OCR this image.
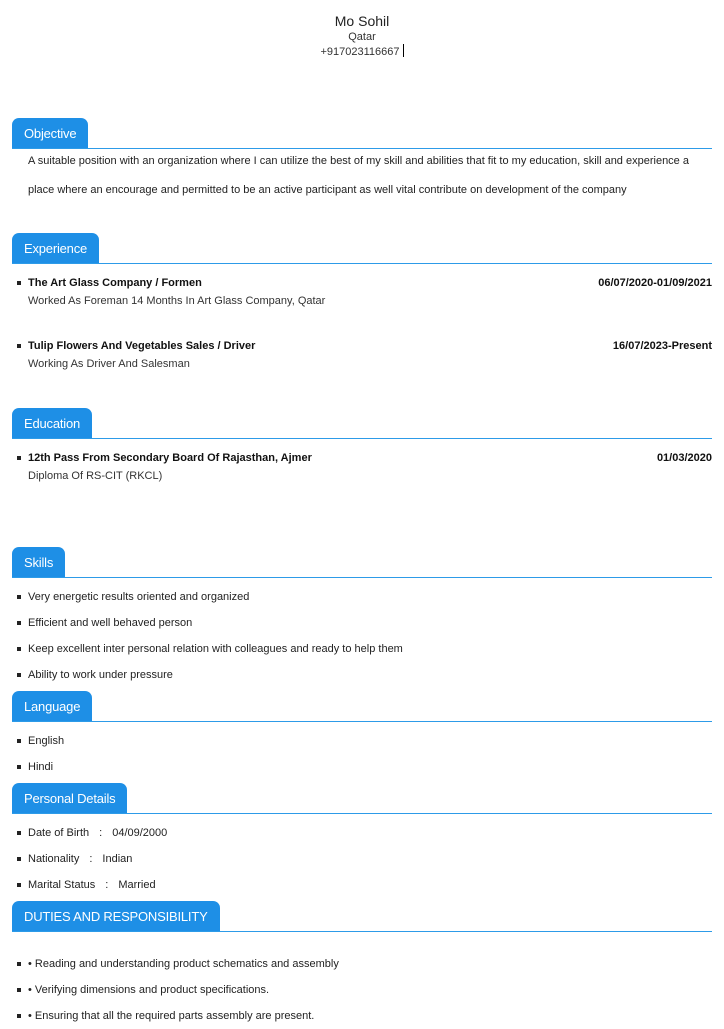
Mo Sohil
Qatar
+917023116667
Objective
A suitable position with an organization where I can utilize the best of my skill and abilities that fit to my education, skill and experience a place where an encourage and permitted to be an active participant as well vital contribute on development of the company
Experience
The Art Glass Company / Formen	06/07/2020-01/09/2021
Worked As Foreman 14 Months In Art Glass Company, Qatar
Tulip Flowers And Vegetables Sales / Driver	16/07/2023-Present
Working As Driver And Salesman
Education
12th Pass From Secondary Board Of Rajasthan, Ajmer	01/03/2020
Diploma Of RS-CIT (RKCL)
Skills
Very energetic results oriented and organized
Efficient and well behaved person
Keep excellent inter personal relation with colleagues and ready to help them
Ability to work under pressure
Language
English
Hindi
Personal Details
Date of Birth : 04/09/2000
Nationality : Indian
Marital Status : Married
DUTIES AND RESPONSIBILITY
• Reading and understanding product schematics and assembly
• Verifying dimensions and product specifications.
• Ensuring that all the required parts assembly are present.
